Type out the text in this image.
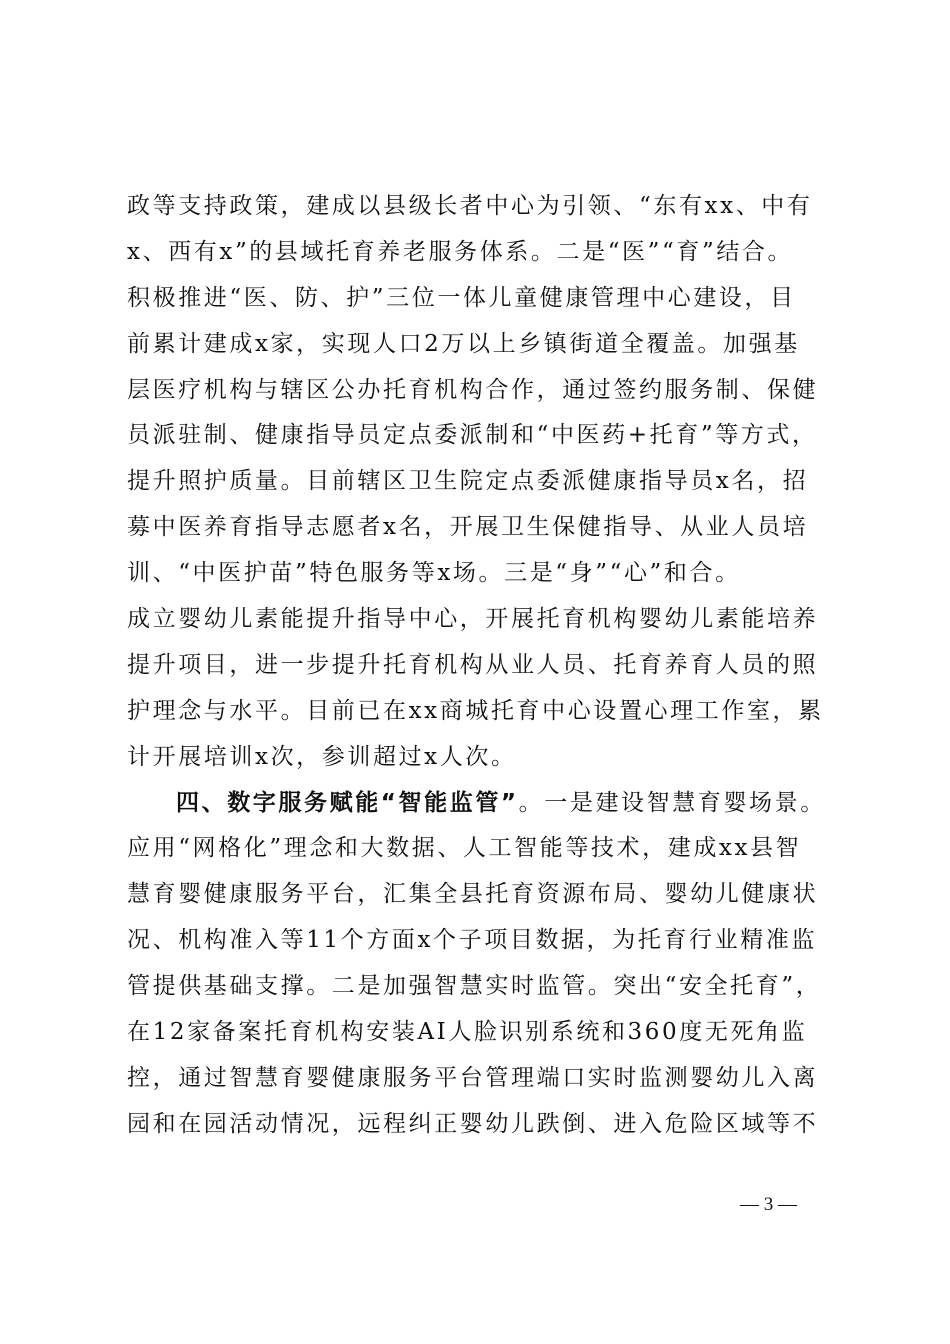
政等支持政策，建成以县级长者中心为引领、“东有xx、中有
x、西有x”的县域托育养老服务体系。二是“医”“育”结合。
积极推进“医、防、护”三位一体儿童健康管理中心建设，目
前累计建成x家，实现人口2万以上乡镇街道全覆盖。加强基
层医疗机构与辖区公办托育机构合作，通过签约服务制、保健
员派驻制、健康指导员定点委派制和“中医药+托育”等方式，
提升照护质量。目前辖区卫生院定点委派健康指导员x名，招
募中医养育指导志愿者x名，开展卫生保健指导、从业人员培
训、“中医护苗”特色服务等x场。三是“身”“心”和合。
成立婴幼儿素能提升指导中心，开展托育机构婴幼儿素能培养
提升项目，进一步提升托育机构从业人员、托育养育人员的照
护理念与水平。目前已在xx商城托育中心设置心理工作室，累
计开展培训x次，参训超过x人次。
四、数字服务赋能“智能监管”。一是建设智慧育婴场景。
应用“网格化”理念和大数据、人工智能等技术，建成xx县智
慧育婴健康服务平台，汇集全县托育资源布局、婴幼儿健康状
况、机构准入等11个方面x个子项目数据，为托育行业精准监
管提供基础支撑。二是加强智慧实时监管。突出“安全托育”，
在12家备案托育机构安装AI人脸识别系统和360度无死角监
控，通过智慧育婴健康服务平台管理端口实时监测婴幼儿入离
园和在园活动情况，远程纠正婴幼儿跌倒、进入危险区域等不
— 3 —
